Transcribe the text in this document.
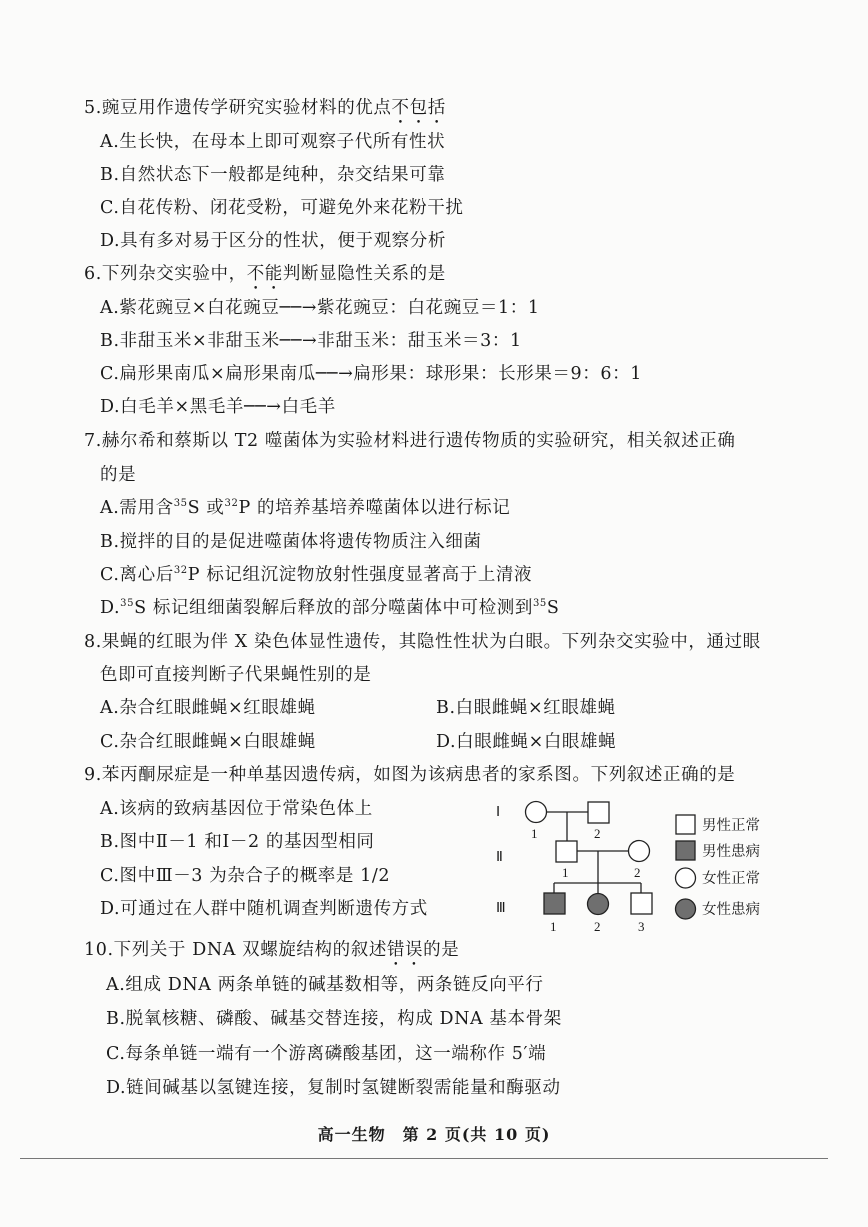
5.豌豆用作遗传学研究实验材料的优点不包括
A.生长快，在母本上即可观察子代所有性状
B.自然状态下一般都是纯种，杂交结果可靠
C.自花传粉、闭花受粉，可避免外来花粉干扰
D.具有多对易于区分的性状，便于观察分析
6.下列杂交实验中，不能判断显隐性关系的是
A.紫花豌豆×白花豌豆──→紫花豌豆：白花豌豆＝1：1
B.非甜玉米×非甜玉米──→非甜玉米：甜玉米＝3：1
C.扁形果南瓜×扁形果南瓜──→扁形果：球形果：长形果＝9：6：1
D.白毛羊×黑毛羊──→白毛羊
7.赫尔希和蔡斯以 T2 噬菌体为实验材料进行遗传物质的实验研究，相关叙述正确
的是
A.需用含$^{35}$S 或$^{32}$P 的培养基培养噬菌体以进行标记
B.搅拌的目的是促进噬菌体将遗传物质注入细菌
C.离心后$^{32}$P 标记组沉淀物放射性强度显著高于上清液
D.$^{35}$S 标记组细菌裂解后释放的部分噬菌体中可检测到$^{35}$S
8.果蝇的红眼为伴 X 染色体显性遗传，其隐性性状为白眼。下列杂交实验中，通过眼
色即可直接判断子代果蝇性别的是
A.杂合红眼雌蝇×红眼雄蝇	B.白眼雌蝇×红眼雄蝇
C.杂合红眼雌蝇×白眼雄蝇	D.白眼雌蝇×白眼雄蝇
9.苯丙酮尿症是一种单基因遗传病，如图为该病患者的家系图。下列叙述正确的是
A.该病的致病基因位于常染色体上
B.图中Ⅱ－1 和Ⅰ－2 的基因型相同
C.图中Ⅲ－3 为杂合子的概率是 1/2
D.可通过在人群中随机调查判断遗传方式
Ⅰ
Ⅱ
Ⅲ
1	2
1	2
1	2	3
男性正常
男性患病
女性正常
女性患病
10.下列关于 DNA 双螺旋结构的叙述错误的是
A.组成 DNA 两条单链的碱基数相等，两条链反向平行
B.脱氧核糖、磷酸、碱基交替连接，构成 DNA 基本骨架
C.每条单链一端有一个游离磷酸基团，这一端称作 5′端
D.链间碱基以氢键连接，复制时氢键断裂需能量和酶驱动
高一生物　第 2 页(共 10 页)
